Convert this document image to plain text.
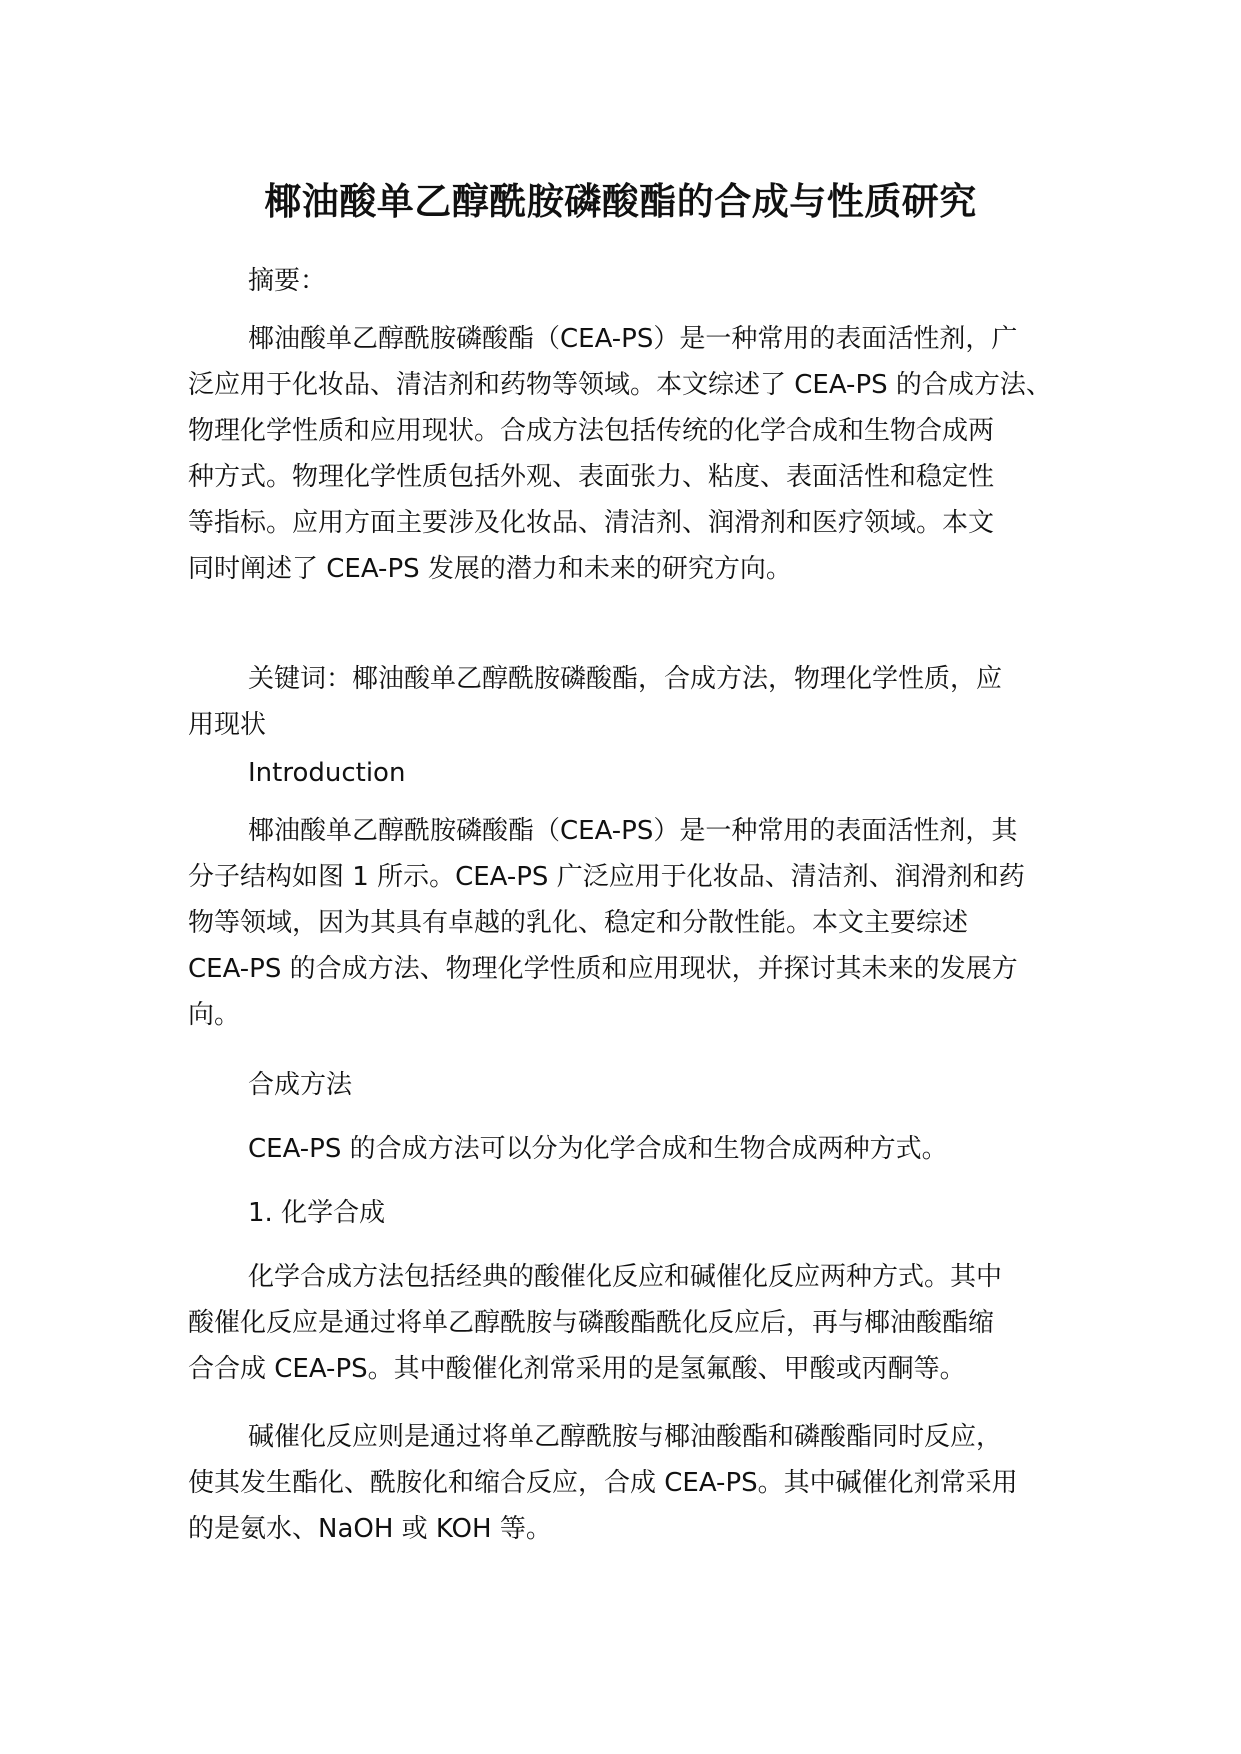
椰油酸单乙醇酰胺磷酸酯的合成与性质研究

摘要：

椰油酸单乙醇酰胺磷酸酯（CEA-PS）是一种常用的表面活性剂，广
泛应用于化妆品、清洁剂和药物等领域。本文综述了 CEA-PS 的合成方法、
物理化学性质和应用现状。合成方法包括传统的化学合成和生物合成两
种方式。物理化学性质包括外观、表面张力、粘度、表面活性和稳定性
等指标。应用方面主要涉及化妆品、清洁剂、润滑剂和医疗领域。本文
同时阐述了 CEA-PS 发展的潜力和未来的研究方向。

关键词：椰油酸单乙醇酰胺磷酸酯，合成方法，物理化学性质，应
用现状

Introduction

椰油酸单乙醇酰胺磷酸酯（CEA-PS）是一种常用的表面活性剂，其
分子结构如图 1 所示。CEA-PS 广泛应用于化妆品、清洁剂、润滑剂和药
物等领域，因为其具有卓越的乳化、稳定和分散性能。本文主要综述
CEA-PS 的合成方法、物理化学性质和应用现状，并探讨其未来的发展方
向。

合成方法

CEA-PS 的合成方法可以分为化学合成和生物合成两种方式。

1. 化学合成

化学合成方法包括经典的酸催化反应和碱催化反应两种方式。其中
酸催化反应是通过将单乙醇酰胺与磷酸酯酰化反应后，再与椰油酸酯缩
合合成 CEA-PS。其中酸催化剂常采用的是氢氟酸、甲酸或丙酮等。

碱催化反应则是通过将单乙醇酰胺与椰油酸酯和磷酸酯同时反应，
使其发生酯化、酰胺化和缩合反应，合成 CEA-PS。其中碱催化剂常采用
的是氨水、NaOH 或 KOH 等。
